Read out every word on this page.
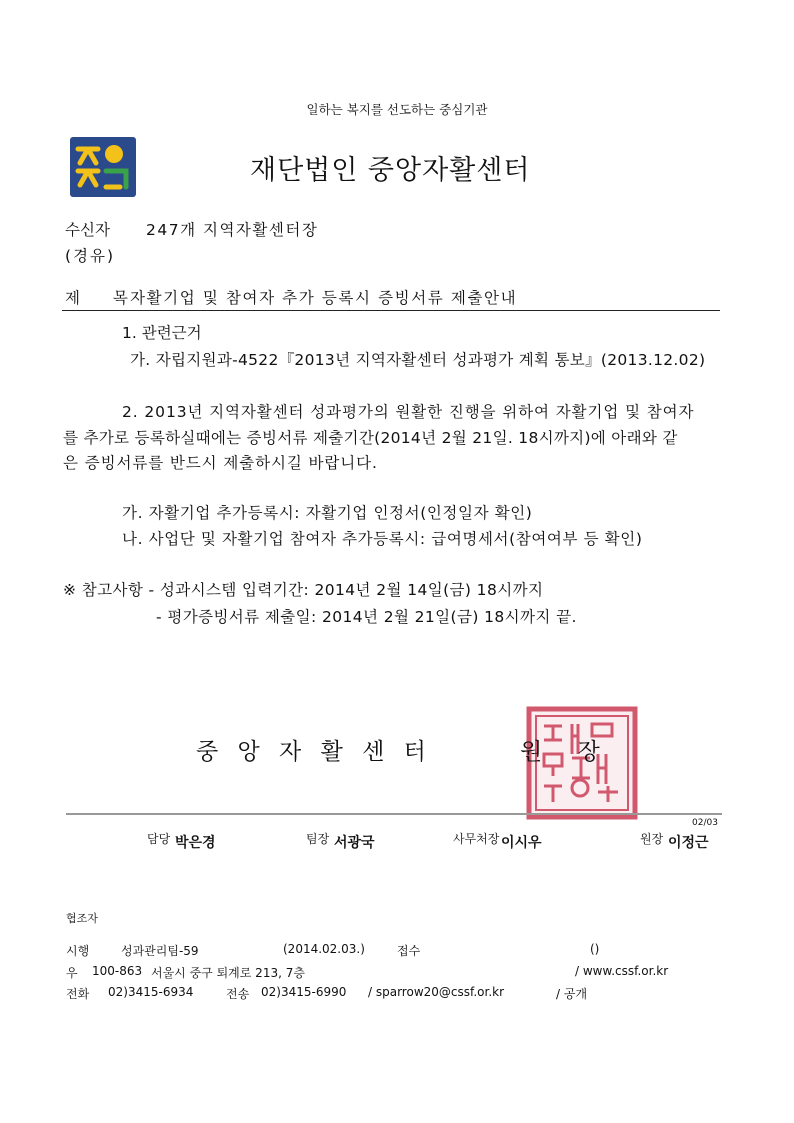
일하는 복지를 선도하는 중심기관
재단법인 중앙자활센터
수신자 247개 지역자활센터장
(경유)
제 목
자활기업 및 참여자 추가 등록시 증빙서류 제출안내
1. 관련근거
가. 자립지원과-4522『2013년 지역자활센터 성과평가 계획 통보』(2013.12.02)
2. 2013년 지역자활센터 성과평가의 원활한 진행을 위하여 자활기업 및 참여자
를 추가로 등록하실때에는 증빙서류 제출기간(2014년 2월 21일. 18시까지)에 아래와 같
은 증빙서류를 반드시 제출하시길 바랍니다.
가. 자활기업 추가등록시: 자활기업 인정서(인정일자 확인)
나. 사업단 및 자활기업 참여자 추가등록시: 급여명세서(참여여부 등 확인)
※ 참고사항 - 성과시스템 입력기간: 2014년 2월 14일(금) 18시까지
- 평가증빙서류 제출일: 2014년 2월 21일(금) 18시까지 끝.
중 앙 자 활 센 터	원 장
02/03
담당 박은경	팀장 서광국	사무처장 이시우	원장 이정근
협조자
시행	성과관리팀-59	(2014.02.03.)	접수	()
우 100-863 서울시 중구 퇴계로 213, 7층	/ www.cssf.or.kr
전화 02)3415-6934	전송 02)3415-6990 / sparrow20@cssf.or.kr	/ 공개
